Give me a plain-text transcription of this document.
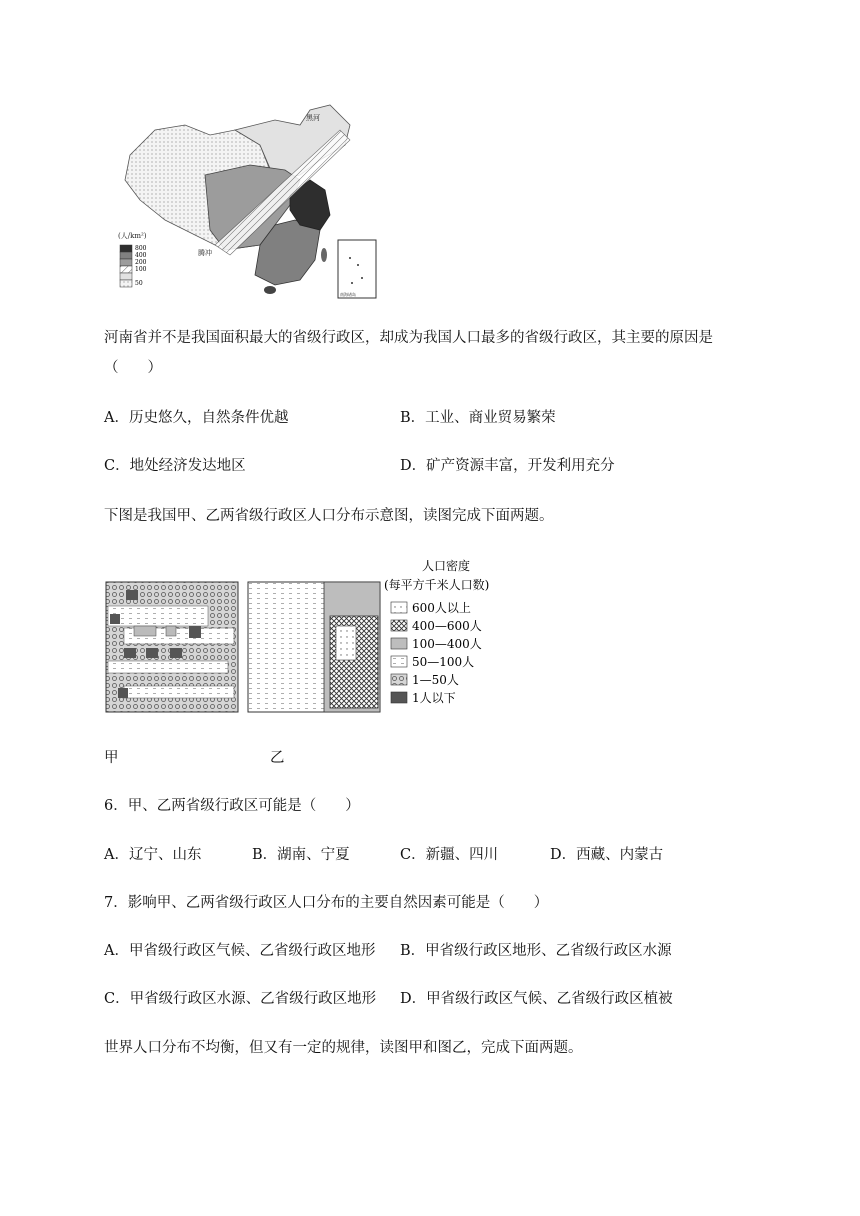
黑河
腾冲
南海诸岛
(人/km²)
800
400
200
100
50
河南省并不是我国面积最大的省级行政区，却成为我国人口最多的省级行政区，其主要的原因是
（　　）
A．历史悠久，自然条件优越	B．工业、商业贸易繁荣
C．地处经济发达地区	D．矿产资源丰富，开发利用充分
下图是我国甲、乙两省级行政区人口分布示意图，读图完成下面两题。
人口密度
(每平方千米人口数)
600人以上
400—600人
100—400人
50—100人
1—50人
1人以下
甲	乙
6．甲、乙两省级行政区可能是（　　）
A．辽宁、山东	B．湖南、宁夏	C．新疆、四川	D．西藏、内蒙古
7．影响甲、乙两省级行政区人口分布的主要自然因素可能是（　　）
A．甲省级行政区气候、乙省级行政区地形 B．甲省级行政区地形、乙省级行政区水源
C．甲省级行政区水源、乙省级行政区地形 D．甲省级行政区气候、乙省级行政区植被
世界人口分布不均衡，但又有一定的规律，读图甲和图乙，完成下面两题。
